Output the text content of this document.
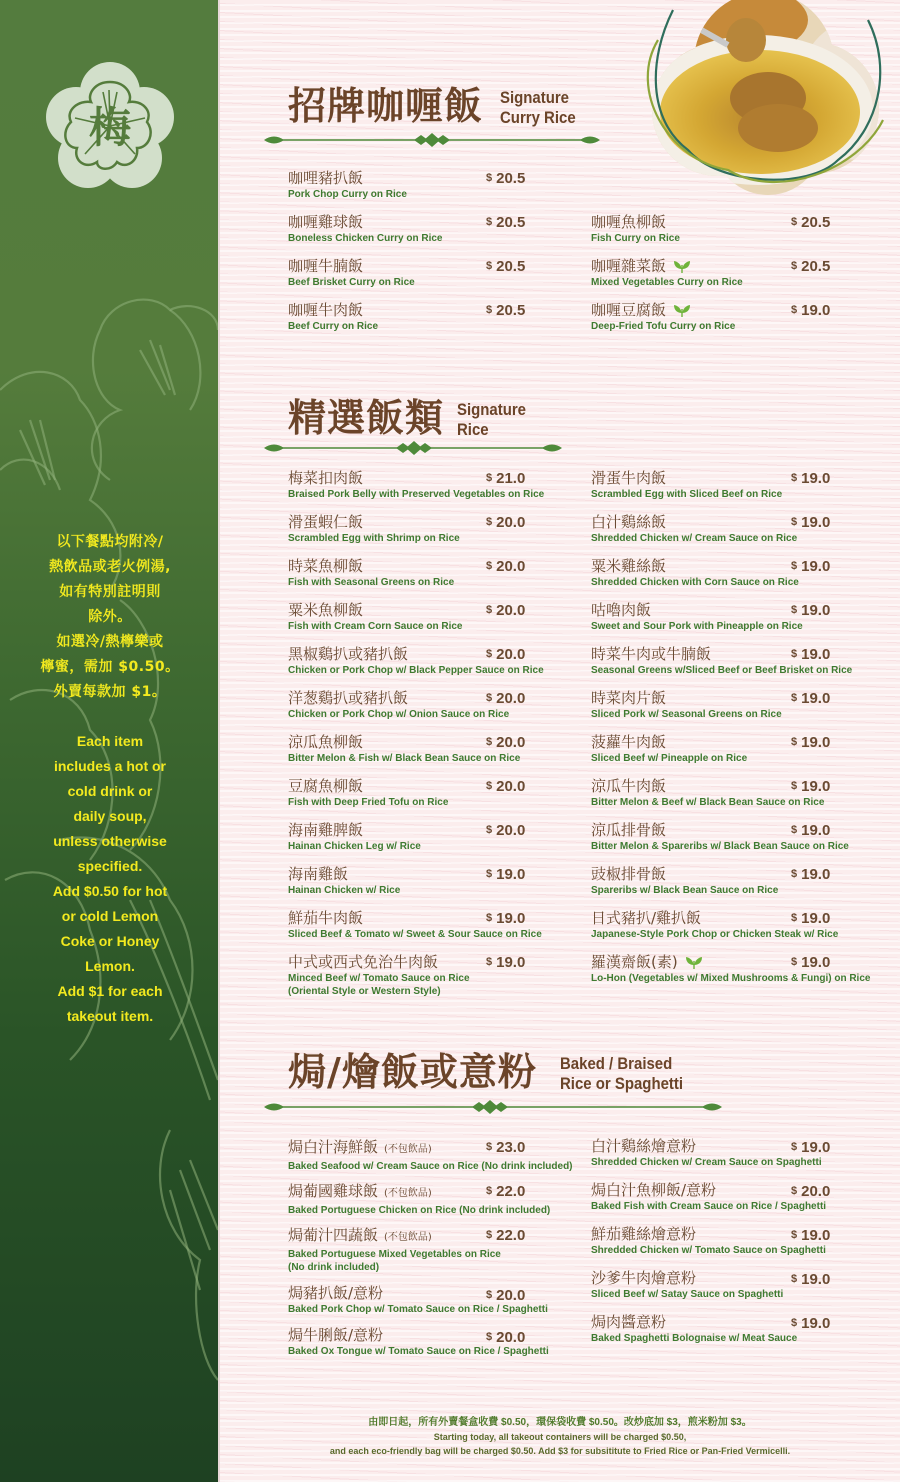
梅
以下餐點均附冷/
熱飲品或老火例湯,
如有特別註明則
除外。
如選冷/熱檸樂或
檸蜜，需加 $0.50。
外賣每款加 $1。
Each item
includes a hot or
cold drink or
daily soup,
unless otherwise
specified.
Add $0.50 for hot
or cold Lemon
Coke or Honey
Lemon.
Add $1 for each
takeout item.
招牌咖喱飯 Signature
Curry Rice
咖哩豬扒飯
Pork Chop Curry on Rice
$ 20.5
咖喱雞球飯
Boneless Chicken Curry on Rice
$ 20.5
咖喱牛腩飯
Beef Brisket Curry on Rice
$ 20.5
咖喱牛肉飯
Beef Curry on Rice
$ 20.5
咖喱魚柳飯
Fish Curry on Rice
$ 20.5
咖喱雜菜飯
Mixed Vegetables Curry on Rice
$ 20.5
咖喱豆腐飯
Deep-Fried Tofu Curry on Rice
$ 19.0
精選飯類 Signature
Rice
梅菜扣肉飯
Braised Pork Belly with Preserved Vegetables on Rice
$ 21.0
滑蛋蝦仁飯
Scrambled Egg with Shrimp on Rice
$ 20.0
時菜魚柳飯
Fish with Seasonal Greens on Rice
$ 20.0
粟米魚柳飯
Fish with Cream Corn Sauce on Rice
$ 20.0
黑椒鷄扒或豬扒飯
Chicken or Pork Chop w/ Black Pepper Sauce on Rice
$ 20.0
洋葱鷄扒或豬扒飯
Chicken or Pork Chop w/ Onion Sauce on Rice
$ 20.0
涼瓜魚柳飯
Bitter Melon & Fish w/ Black Bean Sauce on Rice
$ 20.0
豆腐魚柳飯
Fish with Deep Fried Tofu on Rice
$ 20.0
海南雞脾飯
Hainan Chicken Leg w/ Rice
$ 20.0
海南雞飯
Hainan Chicken w/ Rice
$ 19.0
鮮茄牛肉飯
Sliced Beef & Tomato w/ Sweet & Sour Sauce on Rice
$ 19.0
中式或西式免治牛肉飯
Minced Beef w/ Tomato Sauce on Rice
(Oriental Style or Western Style)
$ 19.0
滑蛋牛肉飯
Scrambled Egg with Sliced Beef on Rice
$ 19.0
白汁鷄絲飯
Shredded Chicken w/ Cream Sauce on Rice
$ 19.0
粟米雞絲飯
Shredded Chicken with Corn Sauce on Rice
$ 19.0
咕嚕肉飯
Sweet and Sour Pork with Pineapple on Rice
$ 19.0
時菜牛肉或牛腩飯
Seasonal Greens w/Sliced Beef or Beef Brisket on Rice
$ 19.0
時菜肉片飯
Sliced Pork w/ Seasonal Greens on Rice
$ 19.0
菠蘿牛肉飯
Sliced Beef w/ Pineapple on Rice
$ 19.0
涼瓜牛肉飯
Bitter Melon & Beef w/ Black Bean Sauce on Rice
$ 19.0
涼瓜排骨飯
Bitter Melon & Spareribs w/ Black Bean Sauce on Rice
$ 19.0
豉椒排骨飯
Spareribs w/ Black Bean Sauce on Rice
$ 19.0
日式豬扒/雞扒飯
Japanese-Style Pork Chop or Chicken Steak w/ Rice
$ 19.0
羅漢齋飯(素)
Lo-Hon (Vegetables w/ Mixed Mushrooms & Fungi) on Rice
$ 19.0
焗/燴飯或意粉 Baked / Braised
Rice or Spaghetti
焗白汁海鮮飯 (不包飲品)
Baked Seafood w/ Cream Sauce on Rice (No drink included)
$ 23.0
焗葡國雞球飯 (不包飲品)
Baked Portuguese Chicken on Rice (No drink included)
$ 22.0
焗葡汁四蔬飯 (不包飲品)
Baked Portuguese Mixed Vegetables on Rice
(No drink included)
$ 22.0
焗豬扒飯/意粉
Baked Pork Chop w/ Tomato Sauce on Rice / Spaghetti
$ 20.0
焗牛脷飯/意粉
Baked Ox Tongue w/ Tomato Sauce on Rice / Spaghetti
$ 20.0
白汁鷄絲燴意粉
Shredded Chicken w/ Cream Sauce on Spaghetti
$ 19.0
焗白汁魚柳飯/意粉
Baked Fish with Cream Sauce on Rice / Spaghetti
$ 20.0
鮮茄雞絲燴意粉
Shredded Chicken w/ Tomato Sauce on Spaghetti
$ 19.0
沙爹牛肉燴意粉
Sliced Beef w/ Satay Sauce on Spaghetti
$ 19.0
焗肉醬意粉
Baked Spaghetti Bolognaise w/ Meat Sauce
$ 19.0
由即日起，所有外賣餐盒收費 $0.50，環保袋收費 $0.50。改炒底加 $3，煎米粉加 $3。
Starting today, all takeout containers will be charged $0.50,
and each eco-friendly bag will be charged $0.50. Add $3 for subsititute to Fried Rice or Pan-Fried Vermicelli.
